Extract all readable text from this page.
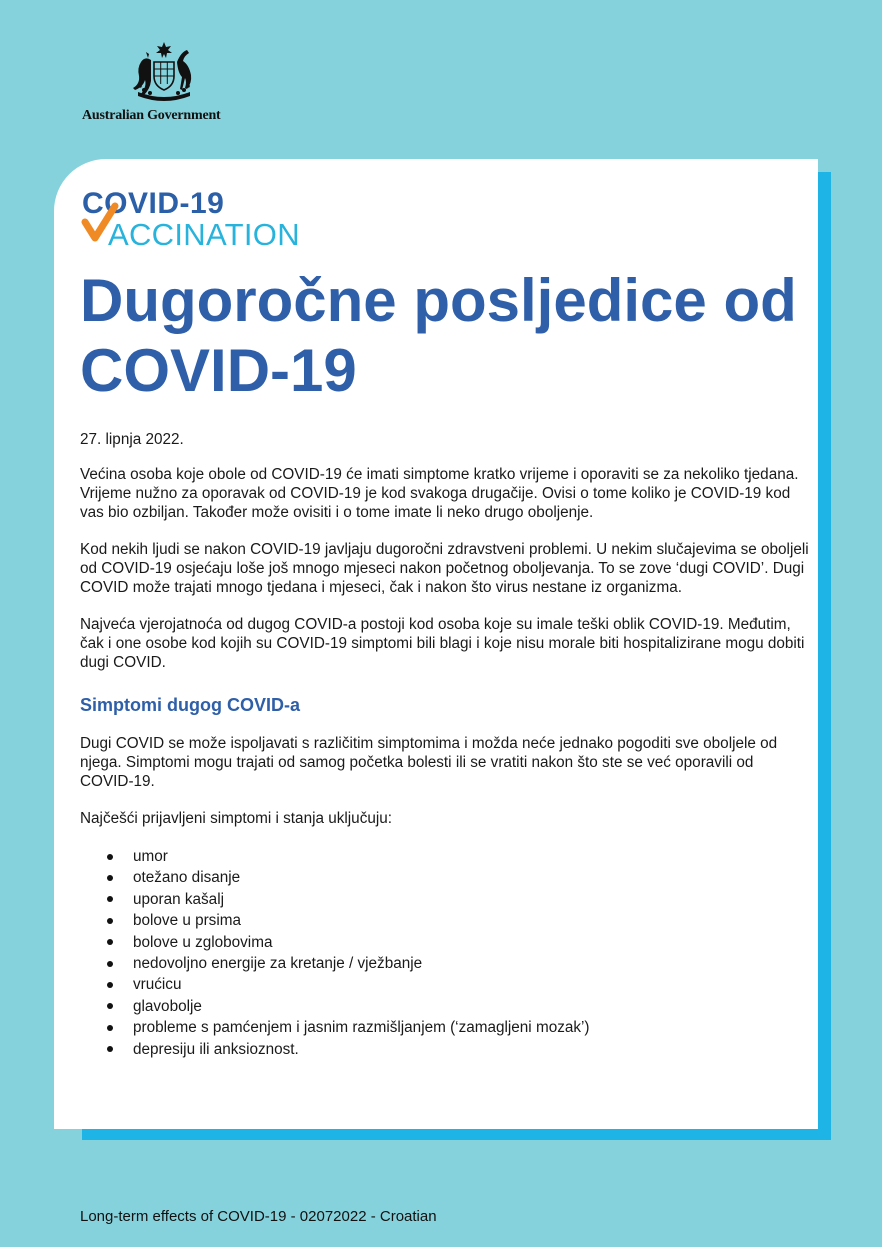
Australian Government
COVID-19
ACCINATION
Dugoročne posljedice od COVID-19

27. lipnja 2022.

Većina osoba koje obole od COVID-19 će imati simptome kratko vrijeme i oporaviti se za nekoliko tjedana. Vrijeme nužno za oporavak od COVID-19 je kod svakoga drugačije. Ovisi o tome koliko je COVID-19 kod vas bio ozbiljan. Također može ovisiti i o tome imate li neko drugo oboljenje.

Kod nekih ljudi se nakon COVID-19 javljaju dugoročni zdravstveni problemi. U nekim slučajevima se oboljeli od COVID-19 osjećaju loše još mnogo mjeseci nakon početnog oboljevanja. To se zove ‘dugi COVID’. Dugi COVID može trajati mnogo tjedana i mjeseci, čak i nakon što virus nestane iz organizma.

Najveća vjerojatnoća od dugog COVID-a postoji kod osoba koje su imale teški oblik COVID-19. Međutim, čak i one osobe kod kojih su COVID-19 simptomi bili blagi i koje nisu morale biti hospitalizirane mogu dobiti dugi COVID.

Simptomi dugog COVID-a

Dugi COVID se može ispoljavati s različitim simptomima i možda neće jednako pogoditi sve oboljele od njega. Simptomi mogu trajati od samog početka bolesti ili se vratiti nakon što ste se već oporavili od COVID-19.

Najčešći prijavljeni simptomi i stanja uključuju:

umor
otežano disanje
uporan kašalj
bolove u prsima
bolove u zglobovima
nedovoljno energije za kretanje / vježbanje
vrućicu
glavobolje
probleme s pamćenjem i jasnim razmišljanjem (‘zamagljeni mozak’)
depresiju ili anksioznost.
Long-term effects of COVID-19 - 02072022 - Croatian
